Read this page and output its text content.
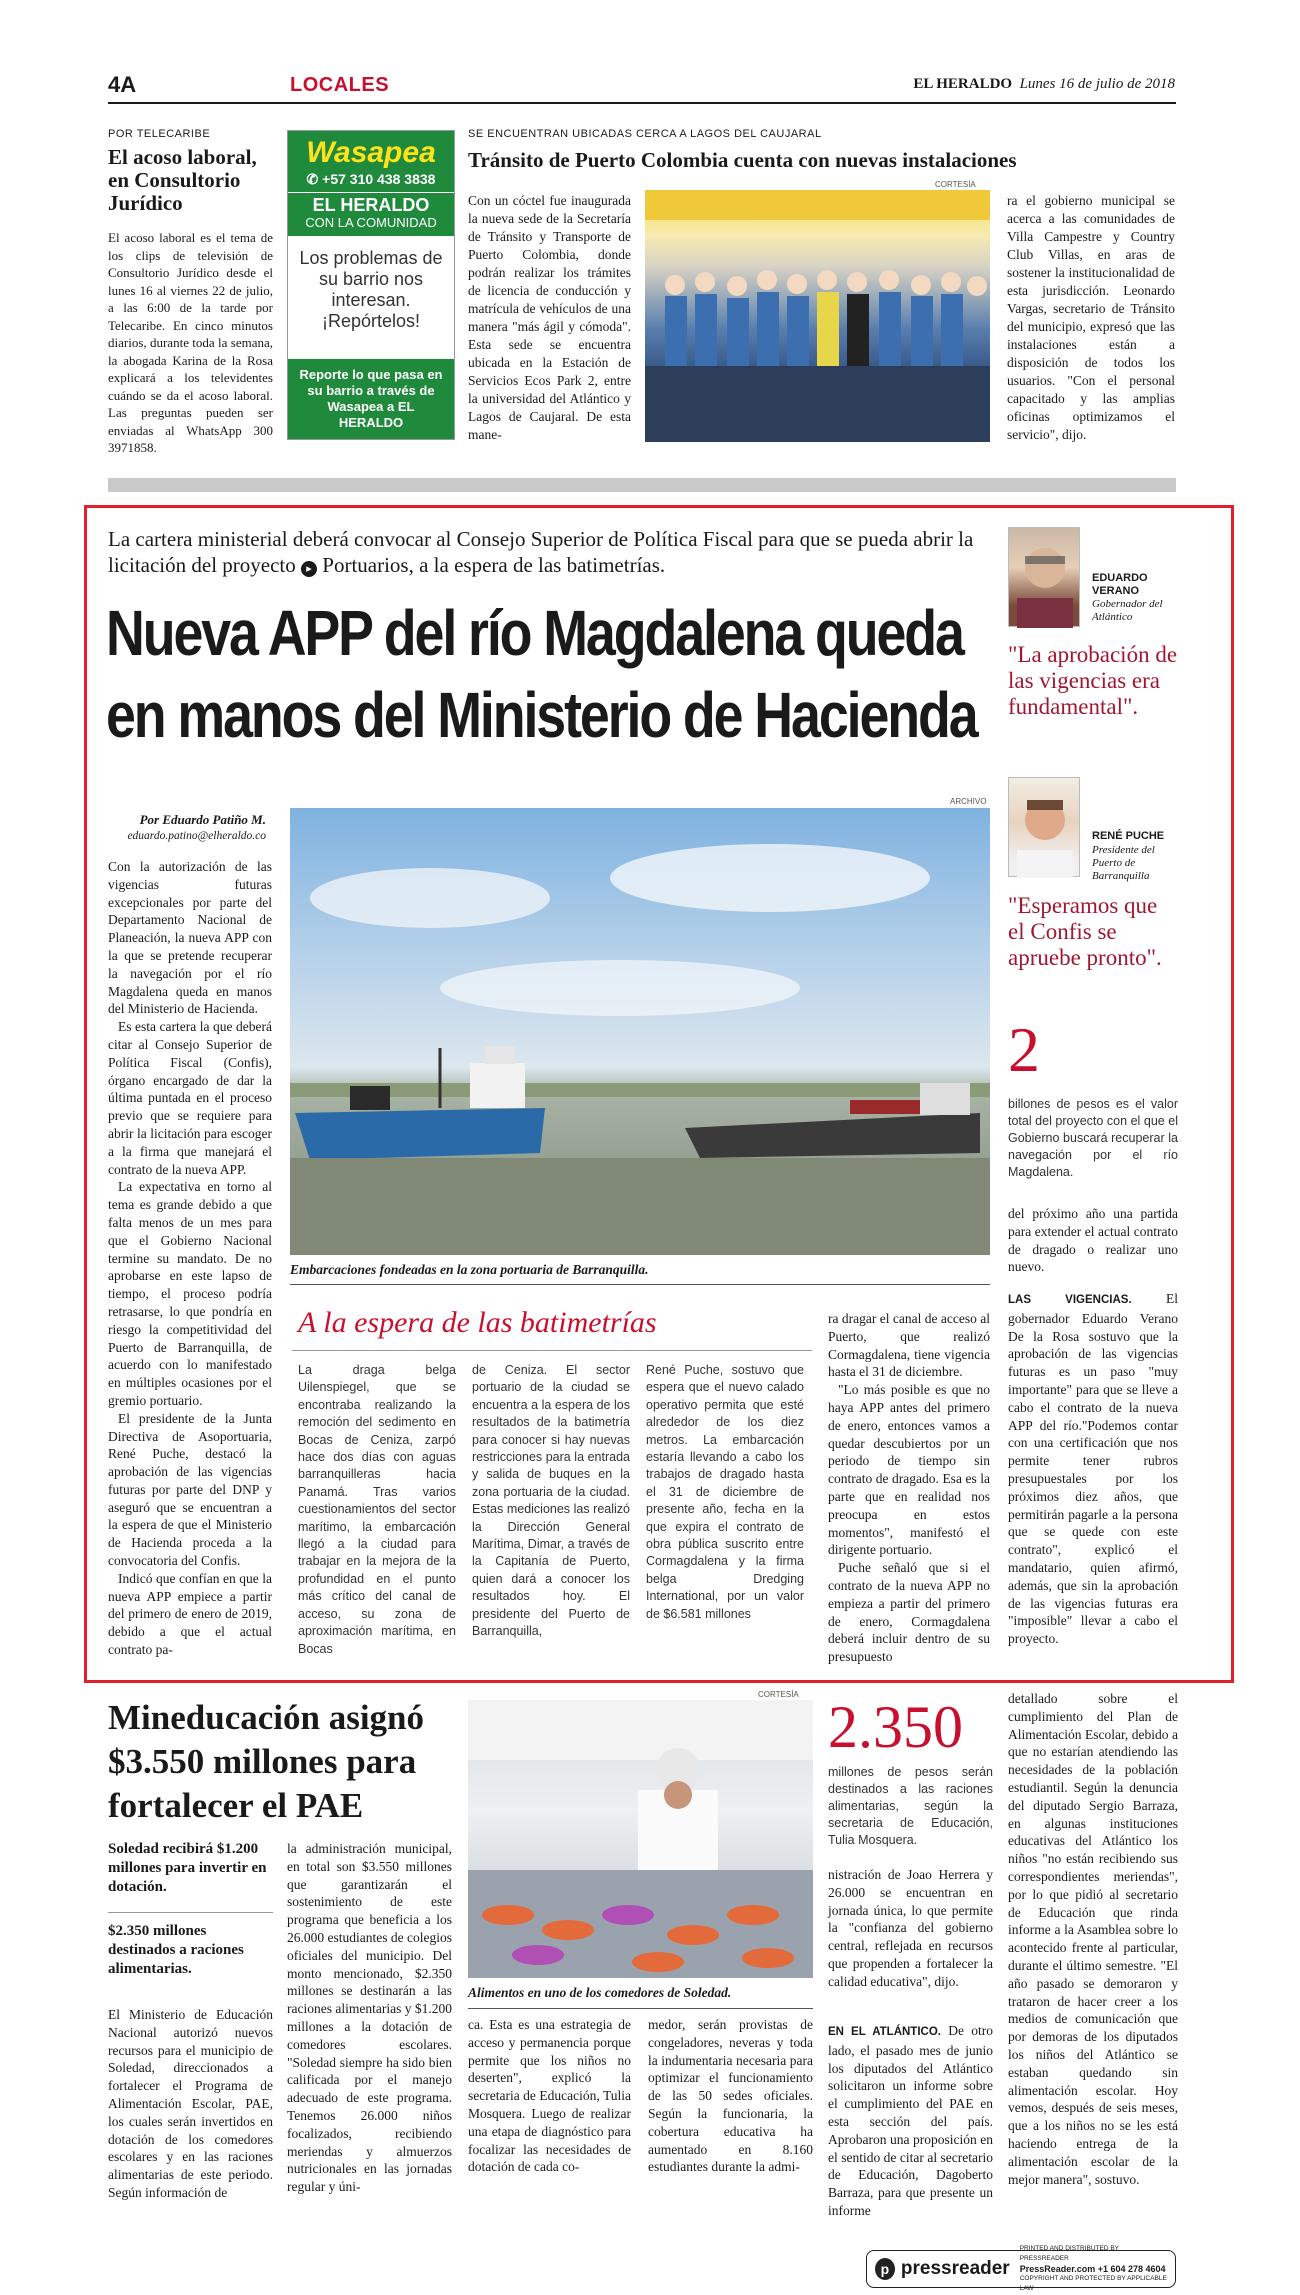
4A	LOCALES	EL HERALDO Lunes 16 de julio de 2018
POR TELECARIBE
El acoso laboral, en Consultorio Jurídico

El acoso laboral es el tema de los clips de televisión de Consultorio Jurídico desde el lunes 16 al viernes 22 de julio, a las 6:00 de la tarde por Telecaribe. En cinco minutos diarios, durante toda la semana, la abogada Karina de la Rosa explicará a los televidentes cuándo se da el acoso laboral. Las preguntas pueden ser enviadas al WhatsApp 300 3971858.

Wasapea
✆ +57 310 438 3838
EL HERALDO
CON LA COMUNIDAD
Los problemas de su barrio nos interesan. ¡Repórtelos!
Reporte lo que pasa en su barrio a través de Wasapea a EL HERALDO
SE ENCUENTRAN UBICADAS CERCA A LAGOS DEL CAUJARAL
Tránsito de Puerto Colombia cuenta con nuevas instalaciones

Con un cóctel fue inaugurada la nueva sede de la Secretaría de Tránsito y Transporte de Puerto Colombia, donde podrán realizar los trámites de licencia de conducción y matrícula de vehículos de una manera "más ágil y cómoda". Esta sede se encuentra ubicada en la Estación de Servicios Ecos Park 2, entre la universidad del Atlántico y Lagos de Caujaral. De esta mane-

CORTESÍA

ra el gobierno municipal se acerca a las comunidades de Villa Campestre y Country Club Villas, en aras de sostener la institucionalidad de esta jurisdicción. Leonardo Vargas, secretario de Tránsito del municipio, expresó que las instalaciones están a disposición de todos los usuarios. "Con el personal capacitado y las amplias oficinas optimizamos el servicio", dijo.

La cartera ministerial deberá convocar al Consejo Superior de Política Fiscal para que se pueda abrir la licitación del proyecto ▸ Portuarios, a la espera de las batimetrías.
Nueva APP del río Magdalena queda en manos del Ministerio de Hacienda
Por Eduardo Patiño M.
eduardo.patino@elheraldo.co

Con la autorización de las vigencias futuras excepcionales por parte del Departamento Nacional de Planeación, la nueva APP con la que se pretende recuperar la navegación por el río Magdalena queda en manos del Ministerio de Hacienda.

Es esta cartera la que deberá citar al Consejo Superior de Política Fiscal (Confis), órgano encargado de dar la última puntada en el proceso previo que se requiere para abrir la licitación para escoger a la firma que manejará el contrato de la nueva APP.

La expectativa en torno al tema es grande debido a que falta menos de un mes para que el Gobierno Nacional termine su mandato. De no aprobarse en este lapso de tiempo, el proceso podría retrasarse, lo que pondría en riesgo la competitividad del Puerto de Barranquilla, de acuerdo con lo manifestado en múltiples ocasiones por el gremio portuario.

El presidente de la Junta Directiva de Asoportuaria, René Puche, destacó la aprobación de las vigencias futuras por parte del DNP y aseguró que se encuentran a la espera de que el Ministerio de Hacienda proceda a la convocatoria del Confis.

Indicó que confían en que la nueva APP empiece a partir del primero de enero de 2019, debido a que el actual contrato pa-

ARCHIVO
Embarcaciones fondeadas en la zona portuaria de Barranquilla.
A la espera de las batimetrías

La draga belga Uilenspiegel, que se encontraba realizando la remoción del sedimento en Bocas de Ceniza, zarpó hace dos días con aguas barranquilleras hacia Panamá. Tras varios cuestionamientos del sector marítimo, la embarcación llegó a la ciudad para trabajar en la mejora de la profundidad en el punto más crítico del canal de acceso, su zona de aproximación marítima, en Bocas

de Ceniza. El sector portuario de la ciudad se encuentra a la espera de los resultados de la batimetría para conocer si hay nuevas restricciones para la entrada y salida de buques en la zona portuaria de la ciudad. Estas mediciones las realizó la Dirección General Marítima, Dimar, a través de la Capitanía de Puerto, quien dará a conocer los resultados hoy. El presidente del Puerto de Barranquilla,

René Puche, sostuvo que espera que el nuevo calado operativo permita que esté alrededor de los diez metros. La embarcación estaría llevando a cabo los trabajos de dragado hasta el 31 de diciembre de presente año, fecha en la que expira el contrato de obra pública suscrito entre Cormagdalena y la firma belga Dredging International, por un valor de $6.581 millones

ra dragar el canal de acceso al Puerto, que realizó Cormagdalena, tiene vigencia hasta el 31 de diciembre.

"Lo más posible es que no haya APP antes del primero de enero, entonces vamos a quedar descubiertos por un periodo de tiempo sin contrato de dragado. Esa es la parte que en realidad nos preocupa en estos momentos", manifestó el dirigente portuario.

Puche señaló que si el contrato de la nueva APP no empieza a partir del primero de enero, Cormagdalena deberá incluir dentro de su presupuesto

EDUARDO VERANO
Gobernador del Atlántico
"La aprobación de las vigencias era fundamental".
RENÉ PUCHE
Presidente del Puerto de Barranquilla
"Esperamos que el Confis se apruebe pronto".
2

billones de pesos es el valor total del proyecto con el que el Gobierno buscará recuperar la navegación por el río Magdalena.

del próximo año una partida para extender el actual contrato de dragado o realizar uno nuevo.

LAS VIGENCIAS.	El gobernador Eduardo Verano De la Rosa sostuvo que la aprobación de las vigencias futuras es un paso "muy importante" para que se lleve a cabo el contrato de la nueva APP del río."Podemos contar con una certificación que nos permite tener rubros presupuestales por los próximos diez años, que permitirán pagarle a la persona que se quede con este contrato", explicó el mandatario, quien afirmó, además, que sin la aprobación de las vigencias futuras era "imposible" llevar a cabo el proyecto.

Mineducación asignó $3.550 millones para fortalecer el PAE
Soledad recibirá $1.200 millones para invertir en dotación.
$2.350 millones destinados a raciones alimentarias.

El Ministerio de Educación Nacional autorizó nuevos recursos para el municipio de Soledad, direccionados a fortalecer el Programa de Alimentación Escolar, PAE, los cuales serán invertidos en dotación de los comedores escolares y en las raciones alimentarias de este periodo. Según información de

la administración municipal, en total son $3.550 millones que garantizarán el sostenimiento de este programa que beneficia a los 26.000 estudiantes de colegios oficiales del municipio. Del monto mencionado, $2.350 millones se destinarán a las raciones alimentarias y $1.200 millones a la dotación de comedores escolares. "Soledad siempre ha sido bien calificada por el manejo adecuado de este programa. Tenemos 26.000 niños focalizados, recibiendo meriendas y almuerzos nutricionales en las jornadas regular y úni-

CORTESÍA
Alimentos en uno de los comedores de Soledad.

ca. Esta es una estrategia de acceso y permanencia porque permite que los niños no deserten", explicó la secretaria de Educación, Tulia Mosquera. Luego de realizar una etapa de diagnóstico para focalizar las necesidades de dotación de cada co-

medor, serán provistas de congeladores, neveras y toda la indumentaria necesaria para optimizar el funcionamiento de las 50 sedes oficiales. Según la funcionaria, la cobertura educativa ha aumentado en 8.160 estudiantes durante la admi-

2.350

millones de pesos serán destinados a las raciones alimentarias, según la secretaria de Educación, Tulia Mosquera.

nistración de Joao Herrera y 26.000 se encuentran en jornada única, lo que permite la "confianza del gobierno central, reflejada en recursos que propenden a fortalecer la calidad educativa", dijo.

EN EL ATLÁNTICO. De otro lado, el pasado mes de junio los diputados del Atlántico solicitaron un informe sobre el cumplimiento del PAE en esta sección del país. Aprobaron una proposición en el sentido de citar al secretario de Educación, Dagoberto Barraza, para que presente un informe

detallado sobre el cumplimiento del Plan de Alimentación Escolar, debido a que no estarían atendiendo las necesidades de la población estudiantil. Según la denuncia del diputado Sergio Barraza, en algunas instituciones educativas del Atlántico los niños "no están recibiendo sus correspondientes meriendas", por lo que pidió al secretario de Educación que rinda informe a la Asamblea sobre lo acontecido frente al particular, durante el último semestre. "El año pasado se demoraron y trataron de hacer creer a los medios de comunicación que por demoras de los diputados los niños del Atlántico se estaban quedando sin alimentación escolar. Hoy vemos, después de seis meses, que a los niños no se les está haciendo entrega de la alimentación escolar de la mejor manera", sostuvo.

p pressreader
PRINTED AND DISTRIBUTED BY PRESSREADER
PressReader.com +1 604 278 4604
COPYRIGHT AND PROTECTED BY APPLICABLE LAW
